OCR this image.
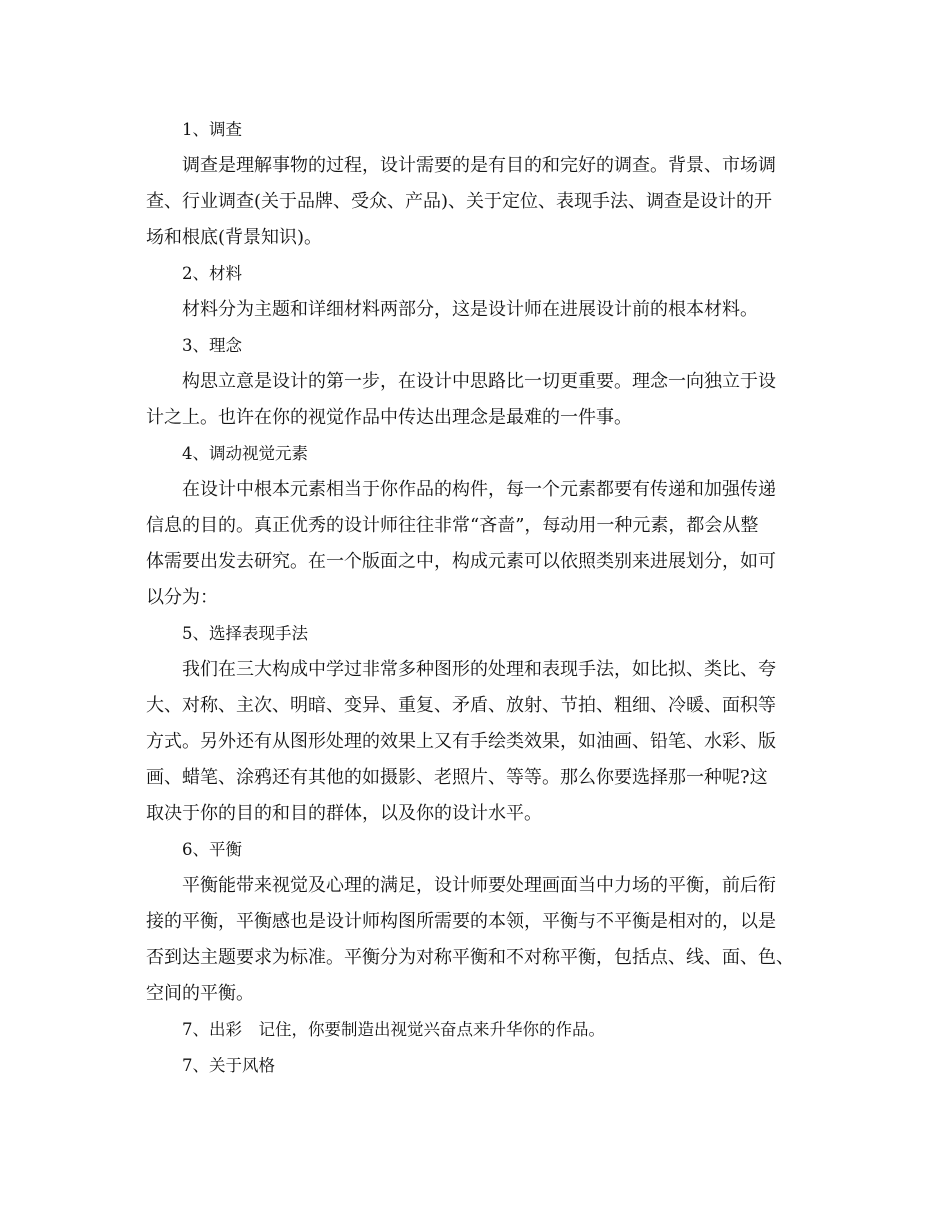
1、调查
调查是理解事物的过程，设计需要的是有目的和完好的调查。背景、市场调
查、行业调查(关于品牌、受众、产品)、关于定位、表现手法、调查是设计的开
场和根底(背景知识)。
2、材料
材料分为主题和详细材料两部分，这是设计师在进展设计前的根本材料。
3、理念
构思立意是设计的第一步，在设计中思路比一切更重要。理念一向独立于设
计之上。也许在你的视觉作品中传达出理念是最难的一件事。
4、调动视觉元素
在设计中根本元素相当于你作品的构件，每一个元素都要有传递和加强传递
信息的目的。真正优秀的设计师往往非常“吝啬”，每动用一种元素，都会从整
体需要出发去研究。在一个版面之中，构成元素可以依照类别来进展划分，如可
以分为：
5、选择表现手法
我们在三大构成中学过非常多种图形的处理和表现手法，如比拟、类比、夸
大、对称、主次、明暗、变异、重复、矛盾、放射、节拍、粗细、冷暖、面积等
方式。另外还有从图形处理的效果上又有手绘类效果，如油画、铅笔、水彩、版
画、蜡笔、涂鸦还有其他的如摄影、老照片、等等。那么你要选择那一种呢?这
取决于你的目的和目的群体，以及你的设计水平。
6、平衡
平衡能带来视觉及心理的满足，设计师要处理画面当中力场的平衡，前后衔
接的平衡，平衡感也是设计师构图所需要的本领，平衡与不平衡是相对的，以是
否到达主题要求为标准。平衡分为对称平衡和不对称平衡，包括点、线、面、色、
空间的平衡。
7、出彩　记住，你要制造出视觉兴奋点来升华你的作品。
7、关于风格
